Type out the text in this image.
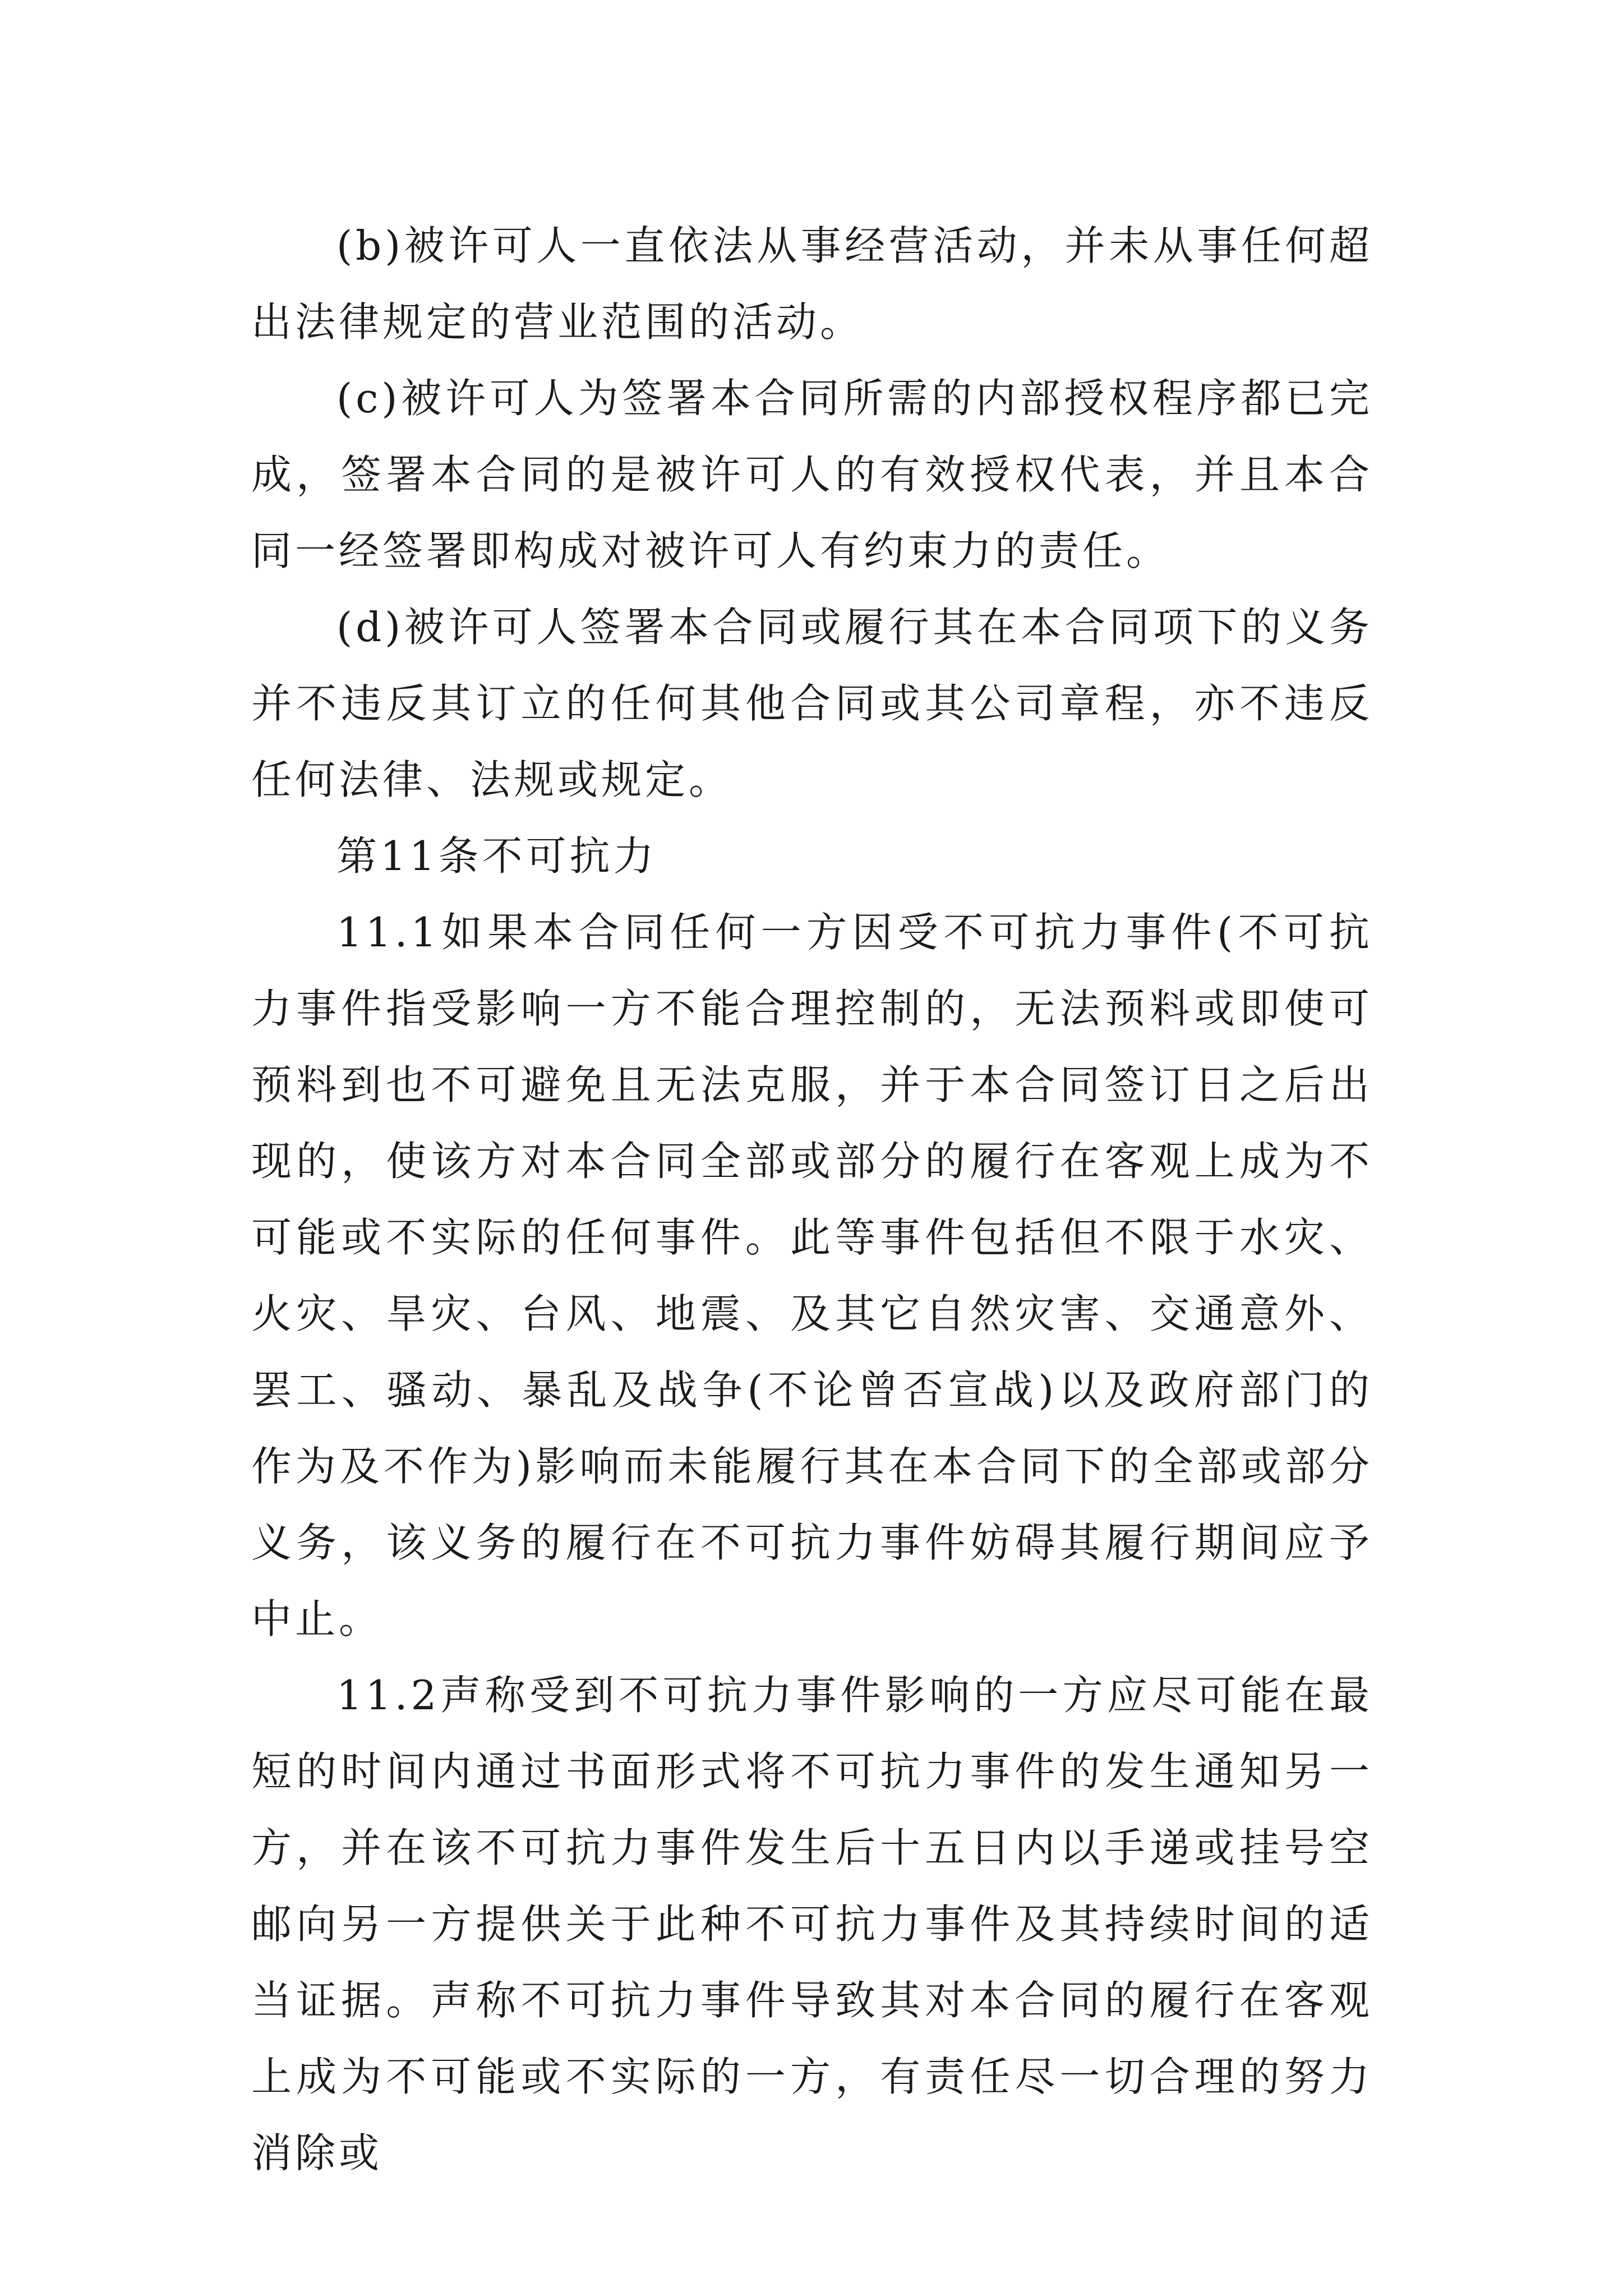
(b)被许可人一直依法从事经营活动，并未从事任何超出法律规定的营业范围的活动。

(c)被许可人为签署本合同所需的内部授权程序都已完成，签署本合同的是被许可人的有效授权代表，并且本合同一经签署即构成对被许可人有约束力的责任。

(d)被许可人签署本合同或履行其在本合同项下的义务并不违反其订立的任何其他合同或其公司章程，亦不违反任何法律、法规或规定。

第11条不可抗力

11.1如果本合同任何一方因受不可抗力事件(不可抗力事件指受影响一方不能合理控制的，无法预料或即使可预料到也不可避免且无法克服，并于本合同签订日之后出现的，使该方对本合同全部或部分的履行在客观上成为不可能或不实际的任何事件。此等事件包括但不限于水灾、火灾、旱灾、台风、地震、及其它自然灾害、交通意外、罢工、骚动、暴乱及战争(不论曾否宣战)以及政府部门的作为及不作为)影响而未能履行其在本合同下的全部或部分义务，该义务的履行在不可抗力事件妨碍其履行期间应予中止。

11.2声称受到不可抗力事件影响的一方应尽可能在最短的时间内通过书面形式将不可抗力事件的发生通知另一方，并在该不可抗力事件发生后十五日内以手递或挂号空邮向另一方提供关于此种不可抗力事件及其持续时间的适当证据。声称不可抗力事件导致其对本合同的履行在客观上成为不可能或不实际的一方，有责任尽一切合理的努力消除或
